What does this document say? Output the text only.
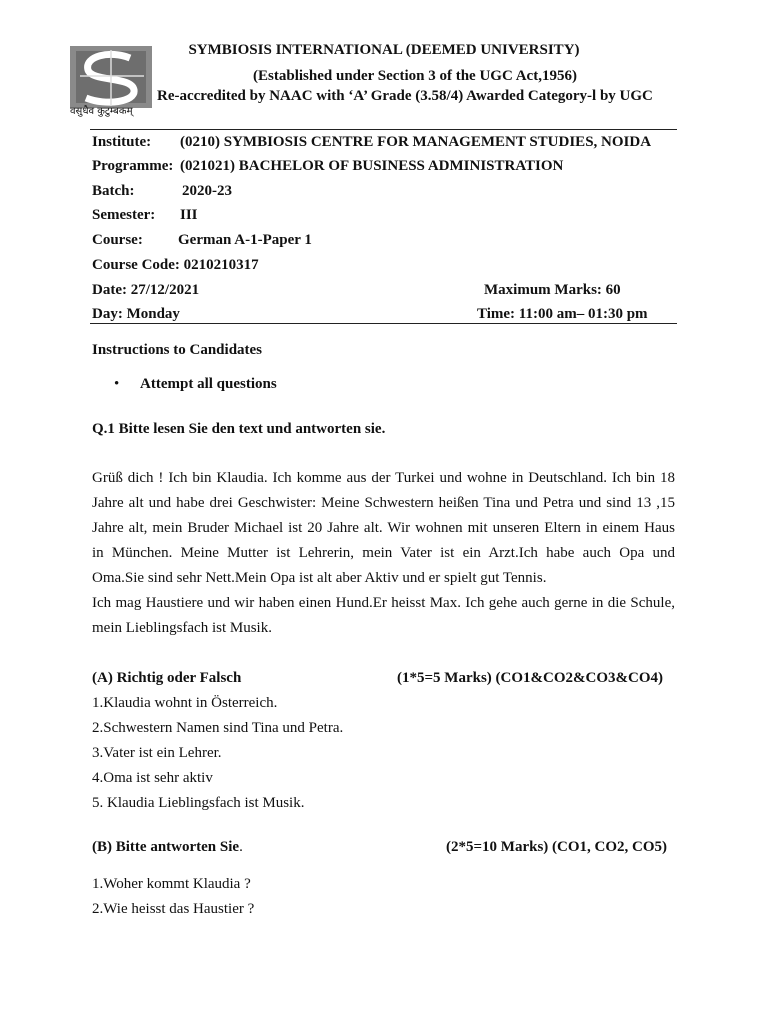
वसुधैव कुटुम्बकम्
SYMBIOSIS INTERNATIONAL (DEEMED UNIVERSITY)
(Established under Section 3 of the UGC Act,1956)
Re-accredited by NAAC with ‘A’ Grade (3.58/4) Awarded Category-l by UGC
Institute: (0210) SYMBIOSIS CENTRE FOR MANAGEMENT STUDIES, NOIDA
Programme: (021021) BACHELOR OF BUSINESS ADMINISTRATION
Batch:	2020-23
Semester: III
Course: German A-1-Paper 1
Course Code: 0210210317
Date: 27/12/2021	Maximum Marks: 60
Day: Monday	Time: 11:00 am– 01:30 pm
Instructions to Candidates
• Attempt all questions
Q.1 Bitte lesen Sie den text und antworten sie.
Grüß dich ! Ich bin Klaudia. Ich komme aus der Turkei und wohne in Deutschland. Ich bin 18
Jahre alt und habe drei Geschwister: Meine Schwestern heißen Tina und Petra und sind 13 ,15
Jahre alt, mein Bruder Michael ist 20 Jahre alt. Wir wohnen mit unseren Eltern in einem Haus
in München. Meine Mutter ist Lehrerin, mein Vater ist ein Arzt.Ich habe auch Opa und
Oma.Sie sind sehr Nett.Mein Opa ist alt aber Aktiv und er spielt gut Tennis.
Ich mag Haustiere und wir haben einen Hund.Er heisst Max. Ich gehe auch gerne in die Schule,
mein Lieblingsfach ist Musik.
(A) Richtig oder Falsch	(1*5=5 Marks) (CO1&CO2&CO3&CO4)
1.Klaudia wohnt in Österreich.
2.Schwestern Namen sind Tina und Petra.
3.Vater ist ein Lehrer.
4.Oma ist sehr aktiv
5. Klaudia Lieblingsfach ist Musik.
(B) Bitte antworten Sie.	(2*5=10 Marks) (CO1, CO2, CO5)
1.Woher kommt Klaudia ?
2.Wie heisst das Haustier ?
